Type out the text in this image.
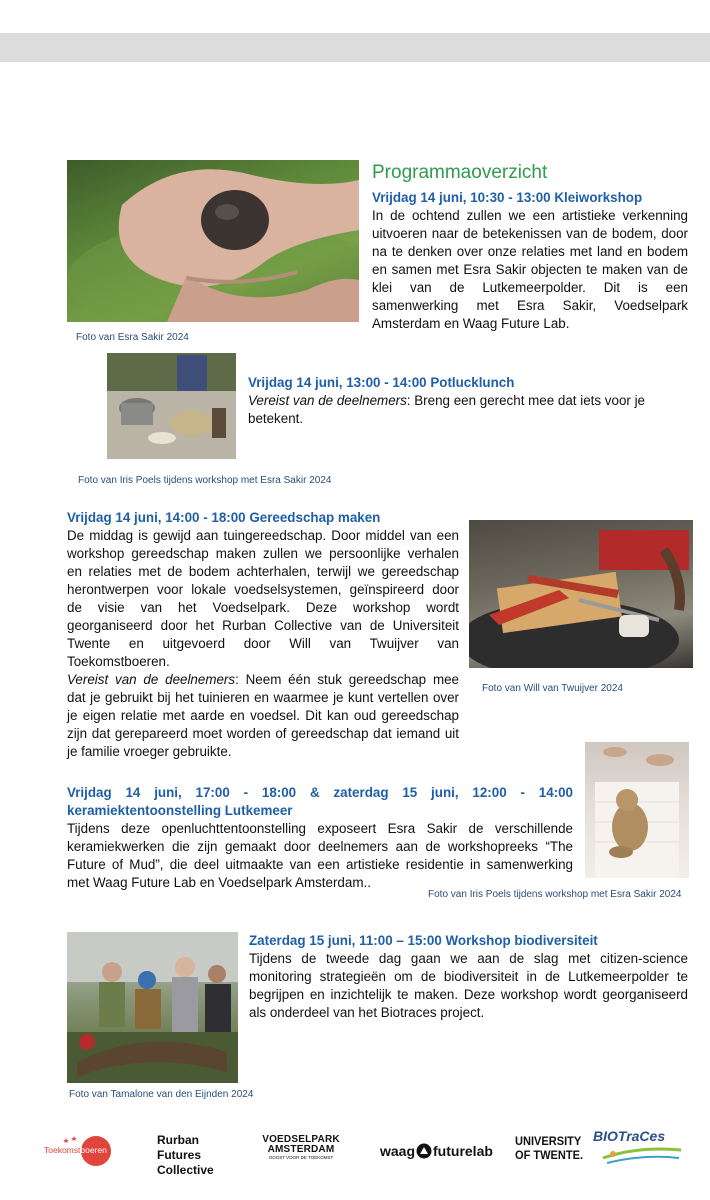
Foto van Esra Sakir 2024
Programmaoverzicht
Vrijdag 14 juni, 10:30 - 13:00 Kleiworkshop
In de ochtend zullen we een artistieke verkenning
uitvoeren naar de betekenissen van de bodem, door
na te denken over onze relaties met land en bodem
en samen met Esra Sakir objecten te maken van de
klei van de Lutkemeerpolder. Dit is een
samenwerking met Esra Sakir, Voedselpark
Amsterdam en Waag Future Lab.
Vrijdag 14 juni, 13:00 - 14:00 Potlucklunch
Vereist van de deelnemers: Breng een gerecht mee dat iets voor je
betekent.
Foto van Iris Poels tijdens workshop met Esra Sakir 2024
Vrijdag 14 juni, 14:00 - 18:00 Gereedschap maken
De middag is gewijd aan tuingereedschap. Door middel van een
workshop gereedschap maken zullen we persoonlijke verhalen
en relaties met de bodem achterhalen, terwijl we gereedschap
herontwerpen voor lokale voedselsystemen, geïnspireerd door
de visie van het Voedselpark. Deze workshop wordt
georganiseerd door het Rurban Collective van de Universiteit
Twente en uitgevoerd door Will van Twuijver van
Toekomstboeren.
Vereist van de deelnemers: Neem één stuk gereedschap mee
dat je gebruikt bij het tuinieren en waarmee je kunt vertellen over
je eigen relatie met aarde en voedsel. Dit kan oud gereedschap
zijn dat gerepareerd moet worden of gereedschap dat iemand uit
je familie vroeger gebruikte.
Foto van Will van Twuijver 2024
Vrijdag 14 juni, 17:00 - 18:00 & zaterdag 15 juni, 12:00 - 14:00
keramiektentoonstelling Lutkemeer
Tijdens deze openluchttentoonstelling exposeert Esra Sakir de verschillende
keramiekwerken die zijn gemaakt door deelnemers aan de workshopreeks “The
Future of Mud”, die deel uitmaakte van een artistieke residentie in samenwerking
met Waag Future Lab en Voedselpark Amsterdam..
Foto van Iris Poels tijdens workshop met Esra Sakir 2024
Zaterdag 15 juni, 11:00 – 15:00 Workshop biodiversiteit
Tijdens de tweede dag gaan we aan de slag met citizen-science
monitoring strategieën om de biodiversiteit in de Lutkemeerpolder te
begrijpen en inzichtelijk te maken. Deze workshop wordt georganiseerd
als onderdeel van het Biotraces project.
Foto van Tamalone van den Eijnden 2024
Toekomstboeren
Rurban
Futures
Collective
VOEDSELPARK
AMSTERDAM
OOGST VOOR DE TOEKOMST	waag futurelab
UNIVERSITY
OF TWENTE.
BIOTraCes
